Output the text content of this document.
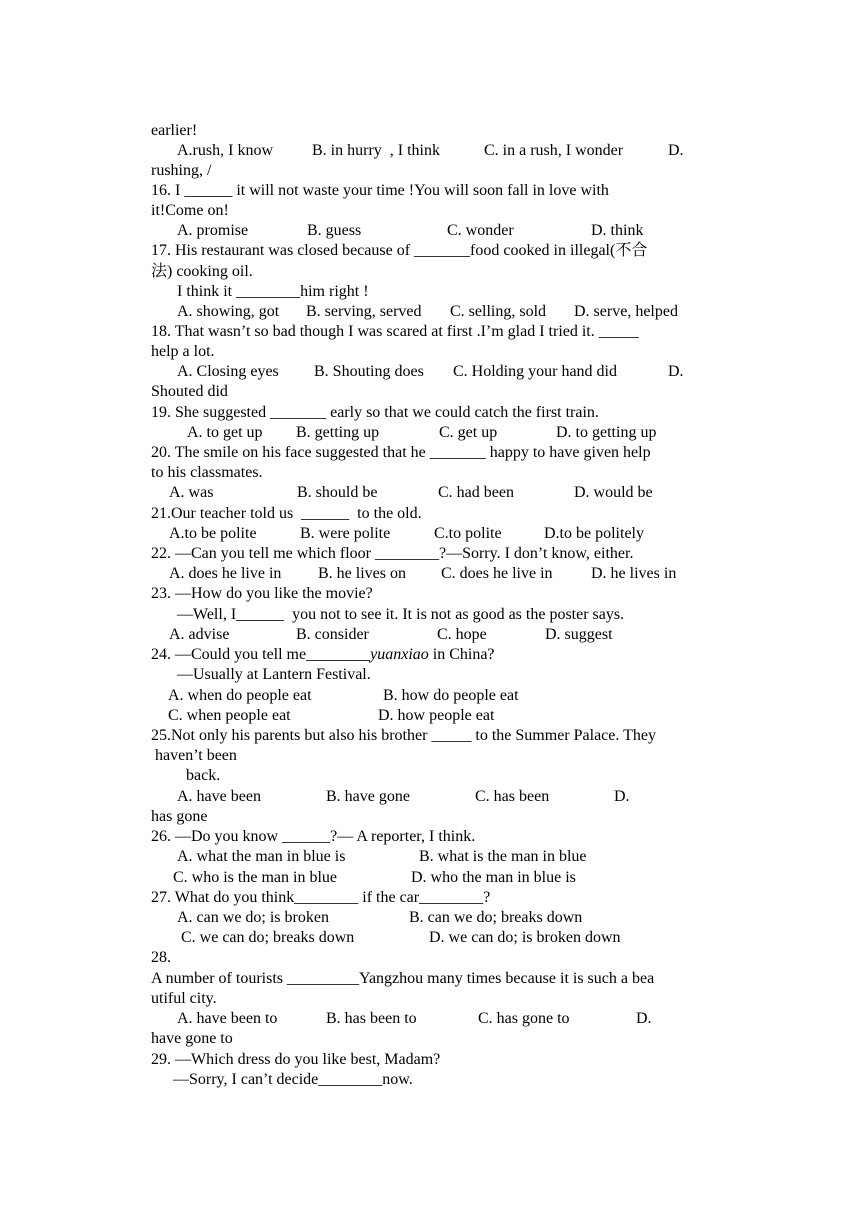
earlier!

A.rush, I know

B. in hurry  , I think

	C. in a rush, I wonder

	D.

rushing, /
16. I ______ it will not waste your time !You will soon fall in love with
it!Come on!

A. promise

	B. guess

	C. wonder

	D. think

17. His restaurant was closed because of _______food cooked in illegal(不合
法) cooking oil.
I think it ________him right !

A. showing, got

B. serving, served

C. selling, sold

D. serve, helped

18. That wasn’t so bad though I was scared at first .I’m glad I tried it. _____
help a lot.

A. Closing eyes

B. Shouting does

C. Holding your hand did

	D.

Shouted did
19. She suggested _______ early so that we could catch the first train.

A. to get up

B. getting up

	C. get up

	D. to getting up

20. The smile on his face suggested that he _______ happy to have given help
to his classmates.

A. was

	B. should be

	C. had been

	D. would be

21.Our teacher told us  ______  to the old.

A.to be polite

	B. were polite

	C.to polite

	D.to be politely

22. —Can you tell me which floor ________?—Sorry. I don’t know, either.

A. does he live in

B. he lives on

C. does he live in

D. he lives in

23. —How do you like the movie?
—Well, I______  you not to see it. It is not as good as the poster says.

A. advise

	B. consider

	C. hope

	D. suggest

24. —Could you tell me________yuanxiao in China?
—Usually at Lantern Festival.

A. when do people eat

	B. how do people eat

C. when people eat

	D. how people eat

25.Not only his parents but also his brother _____ to the Summer Palace. They
haven’t been
back.

A. have been

	B. have gone

	C. has been

	D.

has gone
26. —Do you know ______?— A reporter, I think.

A. what the man in blue is

	B. what is the man in blue

C. who is the man in blue

	D. who the man in blue is

27. What do you think________ if the car________?

A. can we do; is broken

	B. can we do; breaks down

C. we can do; breaks down

	D. we can do; is broken down

28.
A number of tourists _________Yangzhou many times because it is such a bea
utiful city.

A. have been to

	B. has been to

	C. has gone to

	D.

have gone to
29. —Which dress do you like best, Madam?
—Sorry, I can’t decide________now.
